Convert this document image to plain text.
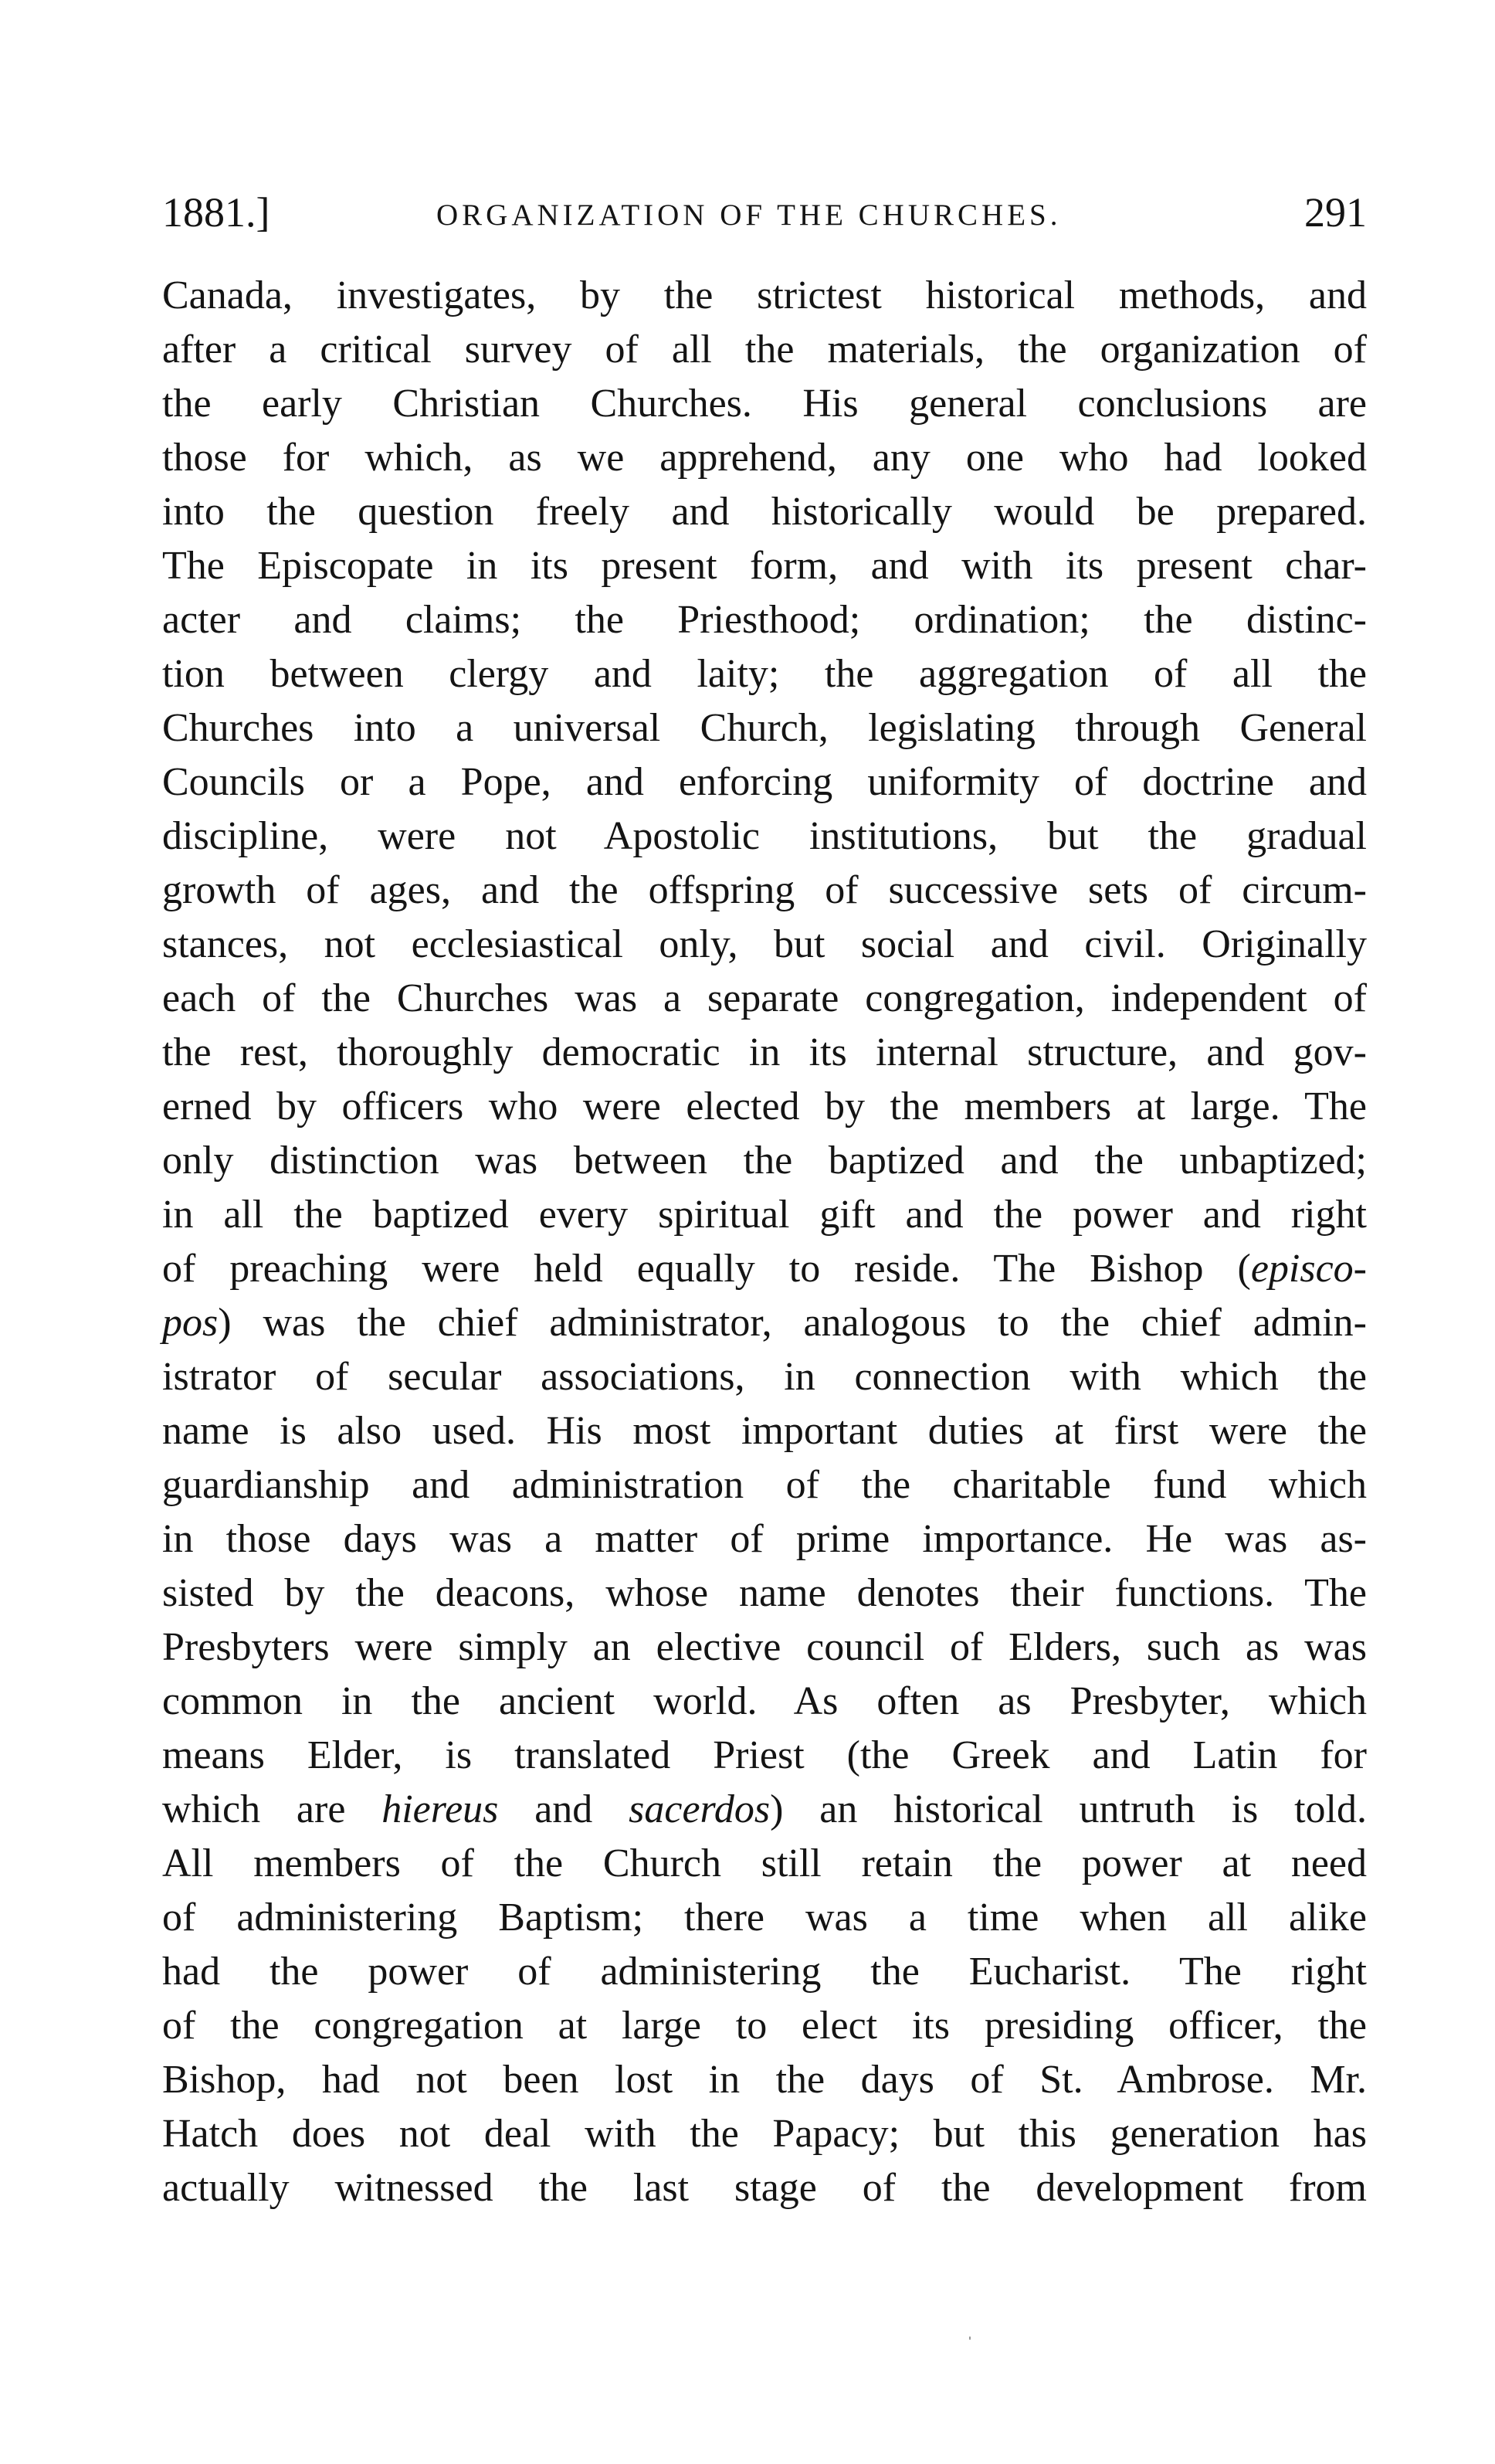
1881.]	ORGANIZATION OF THE CHURCHES.	291
Canada, investigates, by the strictest historical methods, and
after a critical survey of all the materials, the organization of
the early Christian Churches. His general conclusions are
those for which, as we apprehend, any one who had looked
into the question freely and historically would be prepared.
The Episcopate in its present form, and with its present char-
acter and claims; the Priesthood; ordination; the distinc-
tion between clergy and laity; the aggregation of all the
Churches into a universal Church, legislating through General
Councils or a Pope, and enforcing uniformity of doctrine and
discipline, were not Apostolic institutions, but the gradual
growth of ages, and the offspring of successive sets of circum-
stances, not ecclesiastical only, but social and civil. Originally
each of the Churches was a separate congregation, independent of
the rest, thoroughly democratic in its internal structure, and gov-
erned by officers who were elected by the members at large. The
only distinction was between the baptized and the unbaptized;
in all the baptized every spiritual gift and the power and right
of preaching were held equally to reside. The Bishop (episco-
pos) was the chief administrator, analogous to the chief admin-
istrator of secular associations, in connection with which the
name is also used. His most important duties at first were the
guardianship and administration of the charitable fund which
in those days was a matter of prime importance. He was as-
sisted by the deacons, whose name denotes their functions. The
Presbyters were simply an elective council of Elders, such as was
common in the ancient world. As often as Presbyter, which
means Elder, is translated Priest (the Greek and Latin for
which are hiereus and sacerdos) an historical untruth is told.
All members of the Church still retain the power at need
of administering Baptism; there was a time when all alike
had the power of administering the Eucharist. The right
of the congregation at large to elect its presiding officer, the
Bishop, had not been lost in the days of St. Ambrose. Mr.
Hatch does not deal with the Papacy; but this generation has
actually witnessed the last stage of the development from
